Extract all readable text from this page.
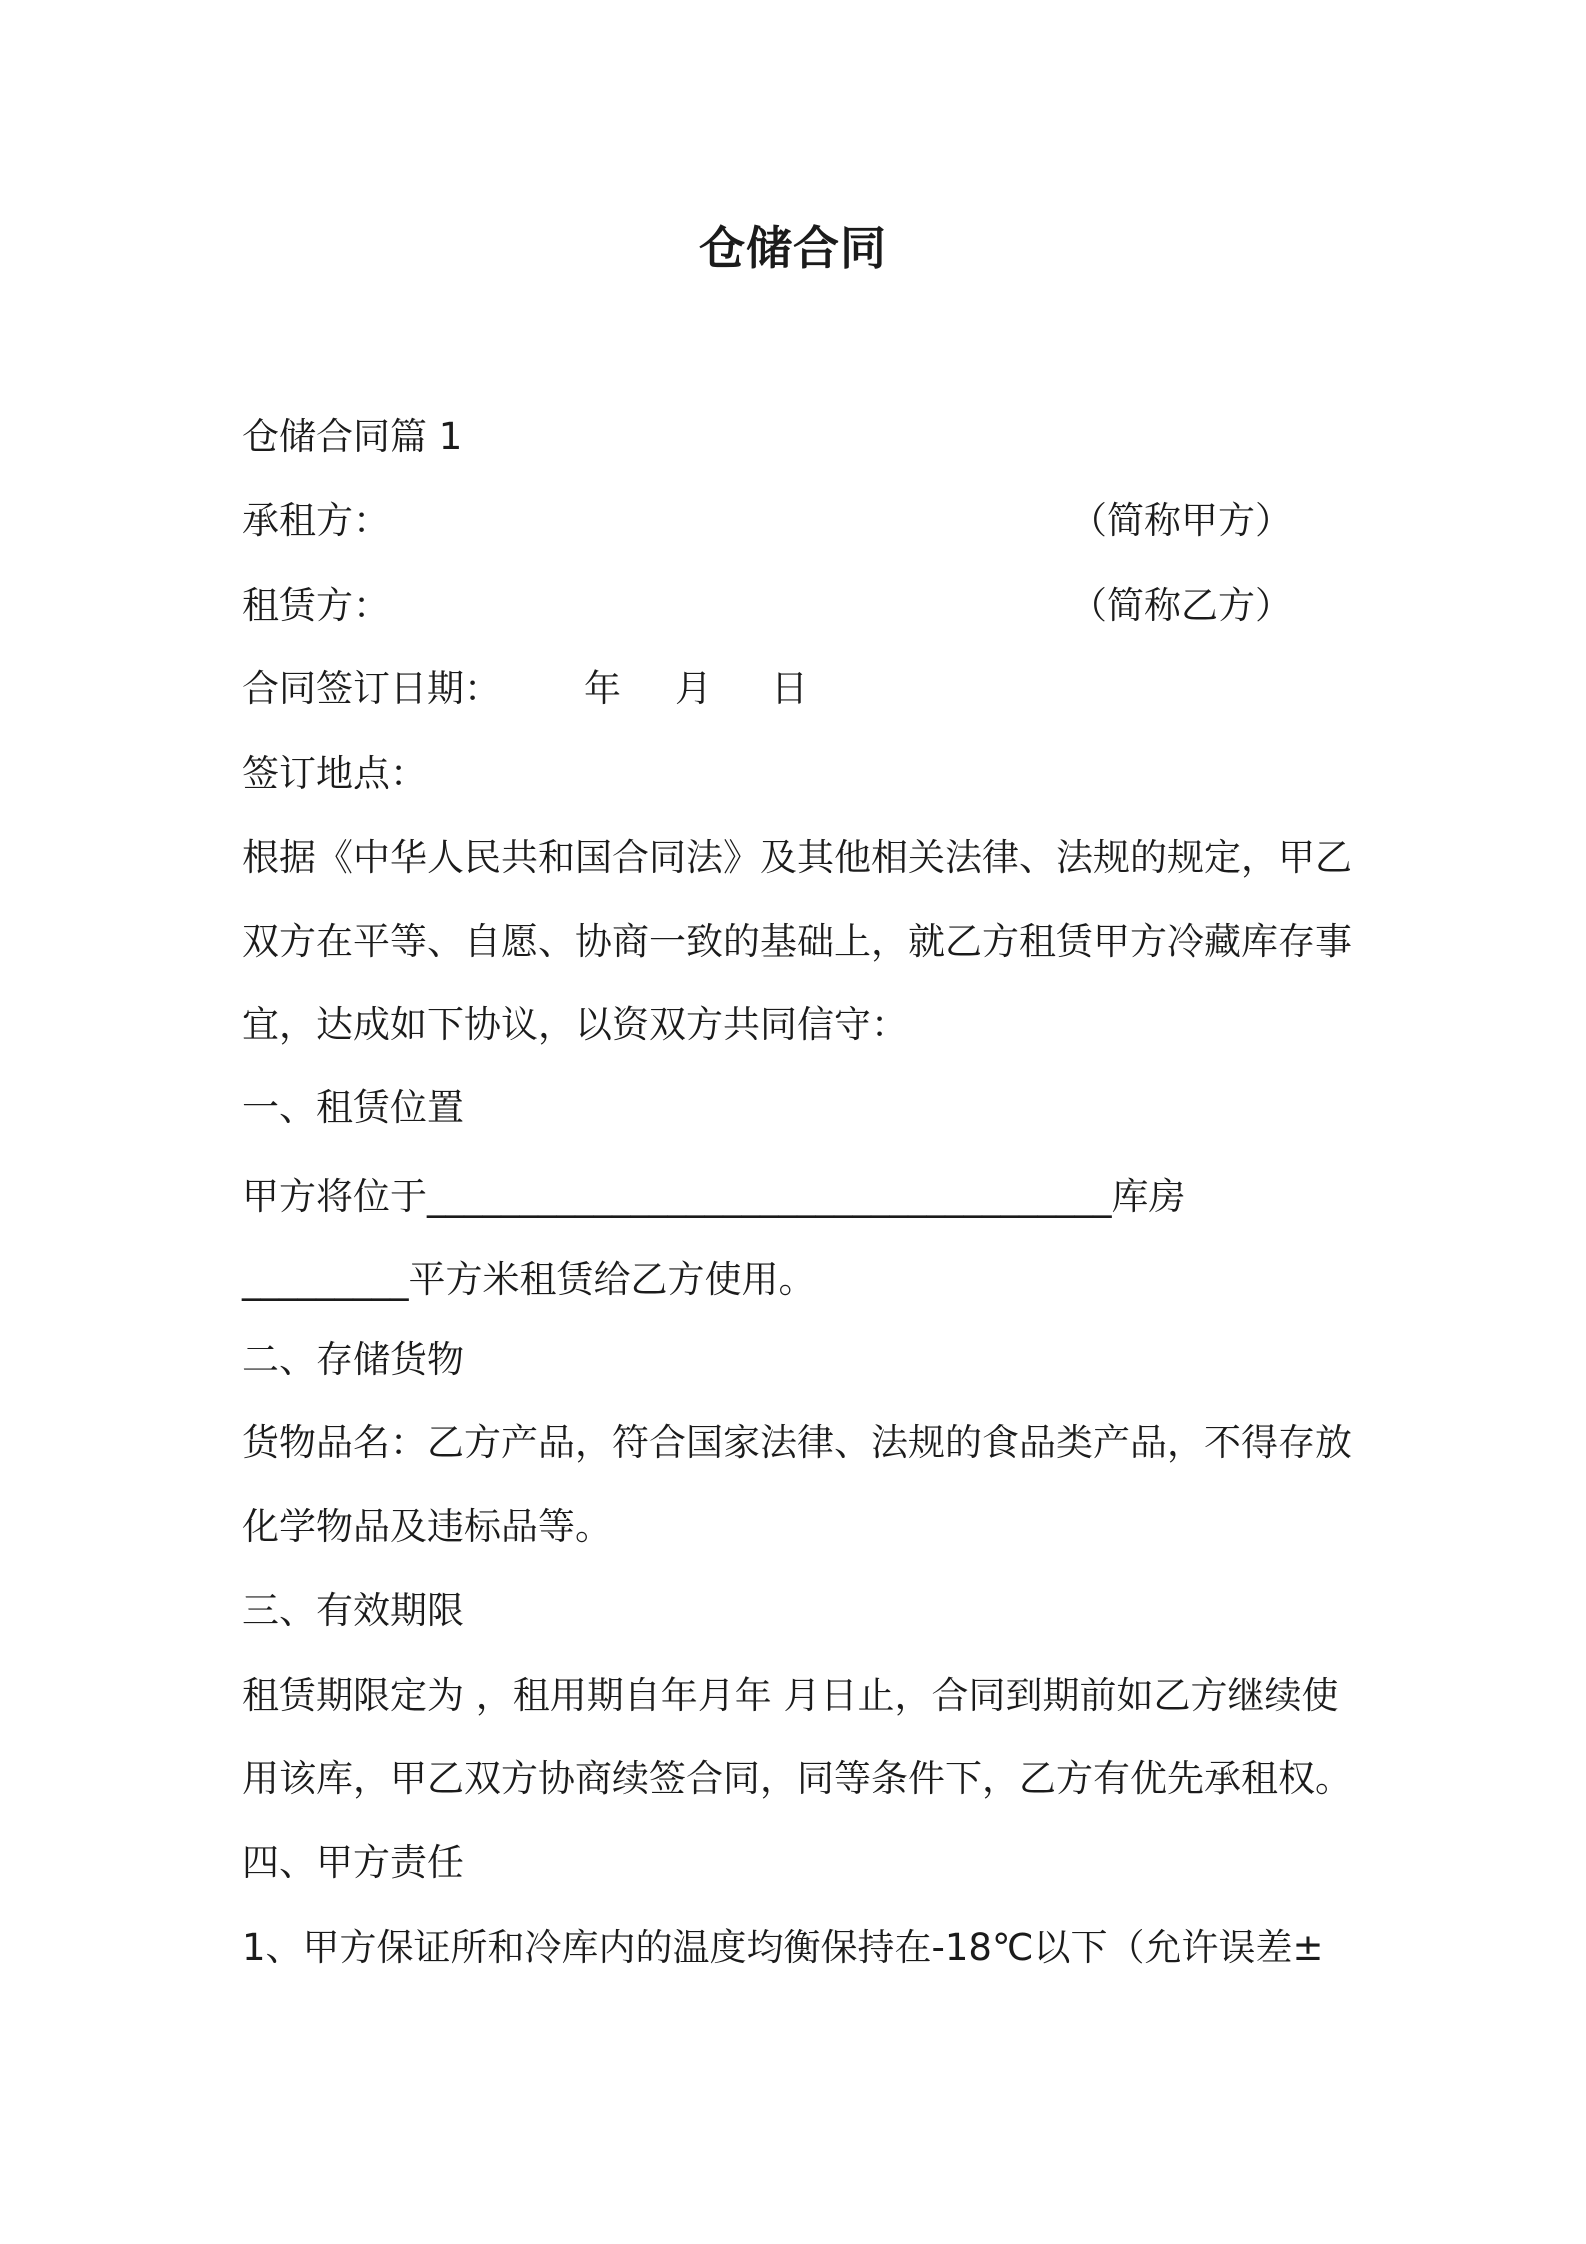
仓储合同
仓储合同篇 1
承租方：	（简称甲方）
租赁方：	（简称乙方）
合同签订日期： 年 月 日
签订地点：
根据《中华人民共和国合同法》及其他相关法律、法规的规定，甲乙
双方在平等、自愿、协商一致的基础上，就乙方租赁甲方冷藏库存事
宜，达成如下协议，以资双方共同信守：
一、租赁位置
甲方将位于_____________________________________库房
_________平方米租赁给乙方使用。
二、存储货物
货物品名：乙方产品，符合国家法律、法规的食品类产品，不得存放
化学物品及违标品等。
三、有效期限
租赁期限定为 ，租用期自年月年 月日止，合同到期前如乙方继续使
用该库，甲乙双方协商续签合同，同等条件下，乙方有优先承租权。
四、甲方责任
1、甲方保证所和冷库内的温度均衡保持在-18℃以下（允许误差±
